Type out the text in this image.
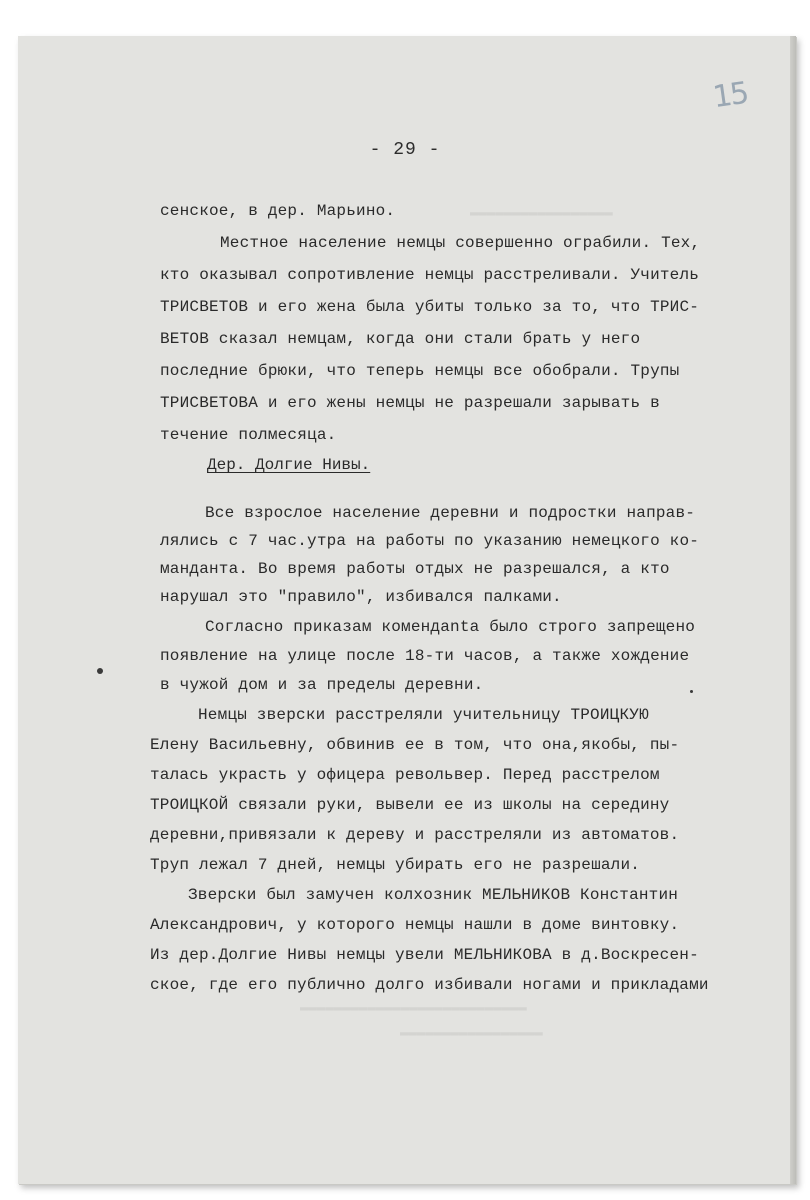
▬▬▬▬▬▬▬▬▬▬▬▬▬▬▬▬▬
▬▬▬▬▬▬▬▬▬▬▬▬▬▬▬▬▬▬▬▬▬▬▬▬▬▬▬
▬▬▬▬▬▬▬▬▬▬▬▬▬▬▬▬▬
15
- 29 -
сенское, в дер. Марьино.
Местное население немцы совершенно ограбили. Тех,
кто оказывал сопротивление немцы расстреливали. Учитель
ТРИСВЕТОВ и его жена была убиты только за то, что ТРИС-
ВЕТОВ сказал немцам, когда они стали брать у него
последние брюки, что теперь немцы все обобрали. Трупы
ТРИСВЕТОВА и его жены немцы не разрешали зарывать в
течение полмесяца.
Дер. Долгие Нивы.
Все взрослое население деревни и подростки направ-
лялись с 7 час.утра на работы по указанию немецкого ко-
манданта. Во время работы отдых не разрешался, а кто
нарушал это "правило", избивался палками.
Согласно приказам комендanta было строго запрещено
появление на улице после 18-ти часов, а также хождение
в чужой дом и за пределы деревни.
Немцы зверски расстреляли учительницу ТРОИЦКУЮ
Елену Васильевну, обвинив ее в том, что она,якобы, пы-
талась украсть у офицера револьвер. Перед расстрелом
ТРОИЦКОЙ связали руки, вывели ее из школы на середину
деревни,привязали к дереву и расстреляли из автоматов.
Труп лежал 7 дней, немцы убирать его не разрешали.
Зверски был замучен колхозник МЕЛЬНИКОВ Константин
Александрович, у которого немцы нашли в доме винтовку.
Из дер.Долгие Нивы немцы увели МЕЛЬНИКОВА в д.Воскресен-
ское, где его публично долго избивали ногами и прикладами
